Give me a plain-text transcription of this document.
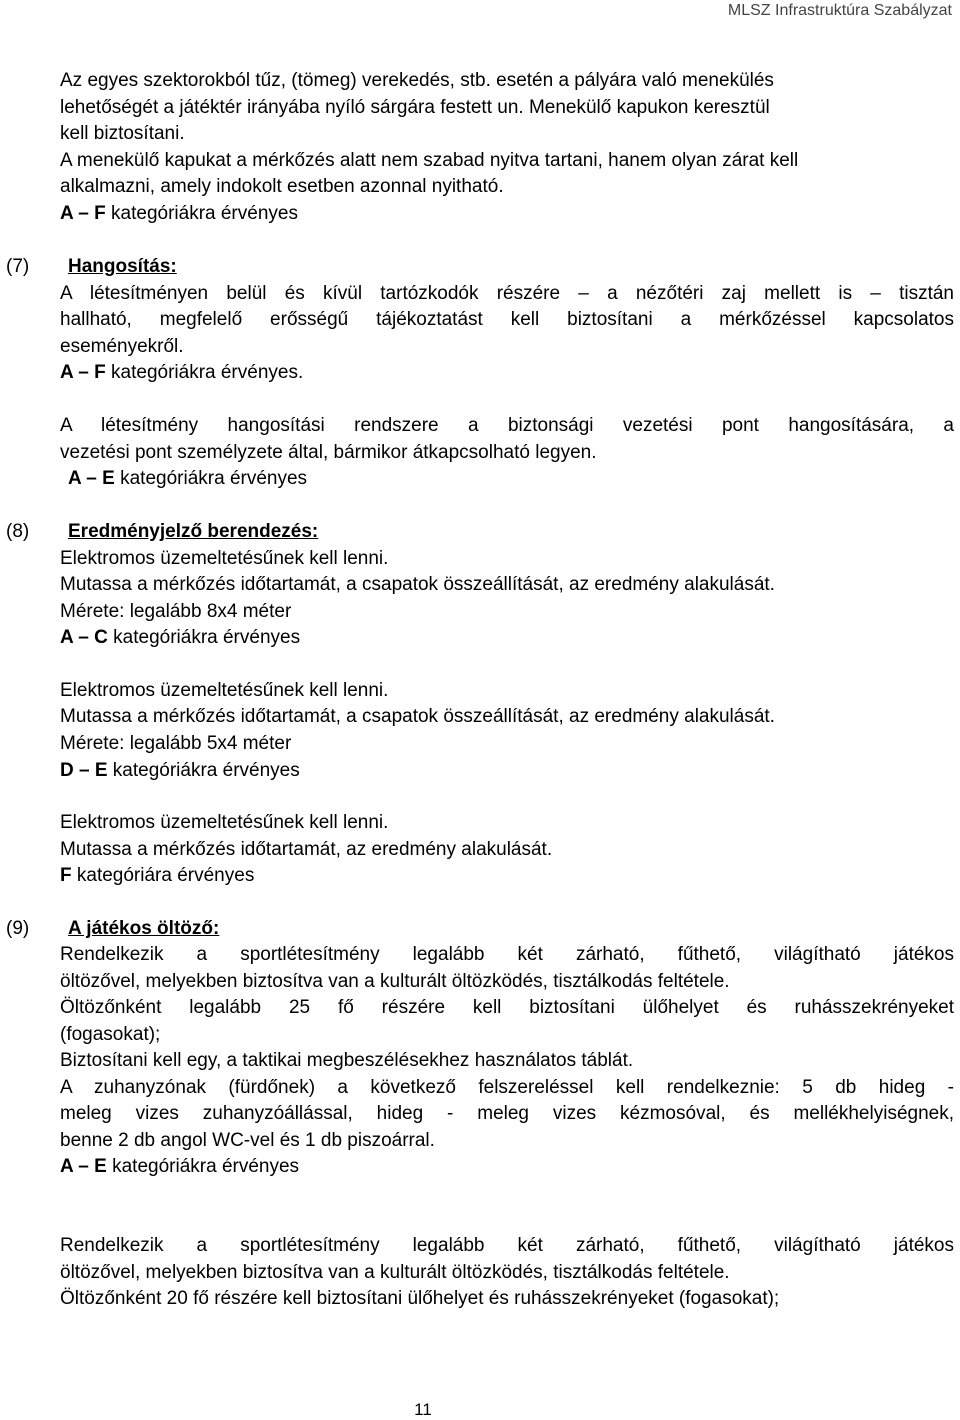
MLSZ Infrastruktúra Szabályzat
Az egyes szektorokból tűz, (tömeg) verekedés, stb. esetén a pályára való menekülés
lehetőségét a játéktér irányába nyíló sárgára festett un. Menekülő kapukon keresztül
kell biztosítani.
A menekülő kapukat a mérkőzés alatt nem szabad nyitva tartani, hanem olyan zárat kell
alkalmazni, amely indokolt esetben azonnal nyitható.
A – F kategóriákra érvényes
(7) Hangosítás:
A létesítményen belül és kívül tartózkodók részére – a nézőtéri zaj mellett is – tisztán
hallható, megfelelő erősségű tájékoztatást kell biztosítani a mérkőzéssel kapcsolatos
eseményekről.
A – F kategóriákra érvényes.
A létesítmény hangosítási rendszere a biztonsági vezetési pont hangosítására, a
vezetési pont személyzete által, bármikor átkapcsolható legyen.
A – E kategóriákra érvényes
(8) Eredményjelző berendezés:
Elektromos üzemeltetésűnek kell lenni.
Mutassa a mérkőzés időtartamát, a csapatok összeállítását, az eredmény alakulását.
Mérete: legalább 8x4 méter
A – C kategóriákra érvényes
Elektromos üzemeltetésűnek kell lenni.
Mutassa a mérkőzés időtartamát, a csapatok összeállítását, az eredmény alakulását.
Mérete: legalább 5x4 méter
D – E kategóriákra érvényes
Elektromos üzemeltetésűnek kell lenni.
Mutassa a mérkőzés időtartamát, az eredmény alakulását.
F kategóriára érvényes
(9) A játékos öltöző:
Rendelkezik a sportlétesítmény legalább két zárható, fűthető, világítható játékos
öltözővel, melyekben biztosítva van a kulturált öltözködés, tisztálkodás feltétele.
Öltözőnként legalább 25 fő részére kell biztosítani ülőhelyet és ruhásszekrényeket
(fogasokat);
Biztosítani kell egy, a taktikai megbeszélésekhez használatos táblát.
A zuhanyzónak (fürdőnek) a következő felszereléssel kell rendelkeznie: 5 db hideg -
meleg vizes zuhanyzóállással, hideg - meleg vizes kézmosóval, és mellékhelyiségnek,
benne 2 db angol WC-vel és 1 db piszoárral.
A – E kategóriákra érvényes
Rendelkezik a sportlétesítmény legalább két zárható, fűthető, világítható játékos
öltözővel, melyekben biztosítva van a kulturált öltözködés, tisztálkodás feltétele.
Öltözőnként 20 fő részére kell biztosítani ülőhelyet és ruhásszekrényeket (fogasokat);
11
